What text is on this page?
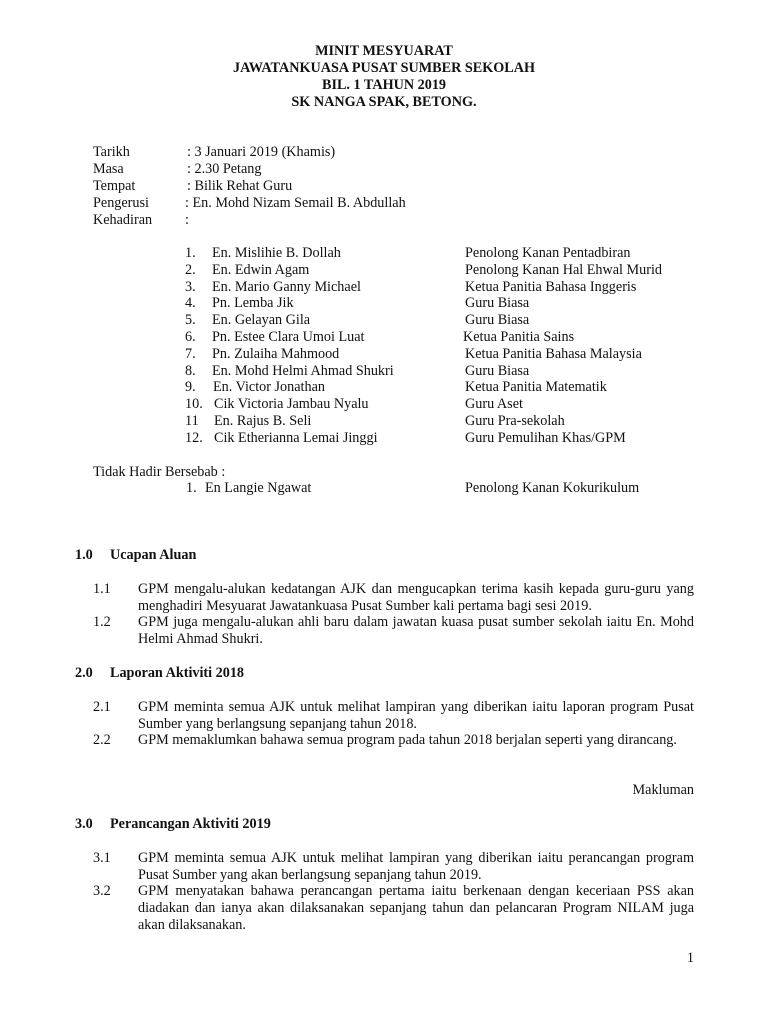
MINIT MESYUARAT
JAWATANKUASA PUSAT SUMBER SEKOLAH
BIL. 1 TAHUN 2019
SK NANGA SPAK, BETONG.
Tarikh	: 3 Januari 2019 (Khamis)
Masa	: 2.30 Petang
Tempat	: Bilik Rehat Guru
Pengerusi	: En. Mohd Nizam Semail B. Abdullah
Kehadiran :
1. En. Mislihie B. Dollah	Penolong Kanan Pentadbiran
2. En. Edwin Agam	Penolong Kanan Hal Ehwal Murid
3. En. Mario Ganny Michael	Ketua Panitia Bahasa Inggeris
4. Pn. Lemba Jik	Guru Biasa
5. En. Gelayan Gila	Guru Biasa
6. Pn. Estee Clara Umoi Luat	Ketua Panitia Sains
7. Pn. Zulaiha Mahmood	Ketua Panitia Bahasa Malaysia
8. En. Mohd Helmi Ahmad Shukri	Guru Biasa
9. En. Victor Jonathan	Ketua Panitia Matematik
10. Cik Victoria Jambau Nyalu	Guru Aset
11 En. Rajus B. Seli	Guru Pra-sekolah
12. Cik Etherianna Lemai Jinggi	Guru Pemulihan Khas/GPM
Tidak Hadir Bersebab :
1. En Langie Ngawat	Penolong Kanan Kokurikulum
1.0 Ucapan Aluan
1.1 GPM mengalu-alukan kedatangan AJK dan mengucapkan terima kasih kepada guru-guru yang menghadiri Mesyuarat Jawatankuasa Pusat Sumber kali pertama bagi sesi 2019.
1.2 GPM juga mengalu-alukan ahli baru dalam jawatan kuasa pusat sumber sekolah iaitu En. Mohd Helmi Ahmad Shukri.
2.0 Laporan Aktiviti 2018
2.1 GPM meminta semua AJK untuk melihat lampiran yang diberikan iaitu laporan program Pusat Sumber yang berlangsung sepanjang tahun 2018.
2.2 GPM memaklumkan bahawa semua program pada tahun 2018 berjalan seperti yang dirancang.
Makluman
3.0 Perancangan Aktiviti 2019
3.1 GPM meminta semua AJK untuk melihat lampiran yang diberikan iaitu perancangan program Pusat Sumber yang akan berlangsung sepanjang tahun 2019.
3.2 GPM menyatakan bahawa perancangan pertama iaitu berkenaan dengan keceriaan PSS akan diadakan dan ianya akan dilaksanakan sepanjang tahun dan pelancaran Program NILAM juga akan dilaksanakan.
1
